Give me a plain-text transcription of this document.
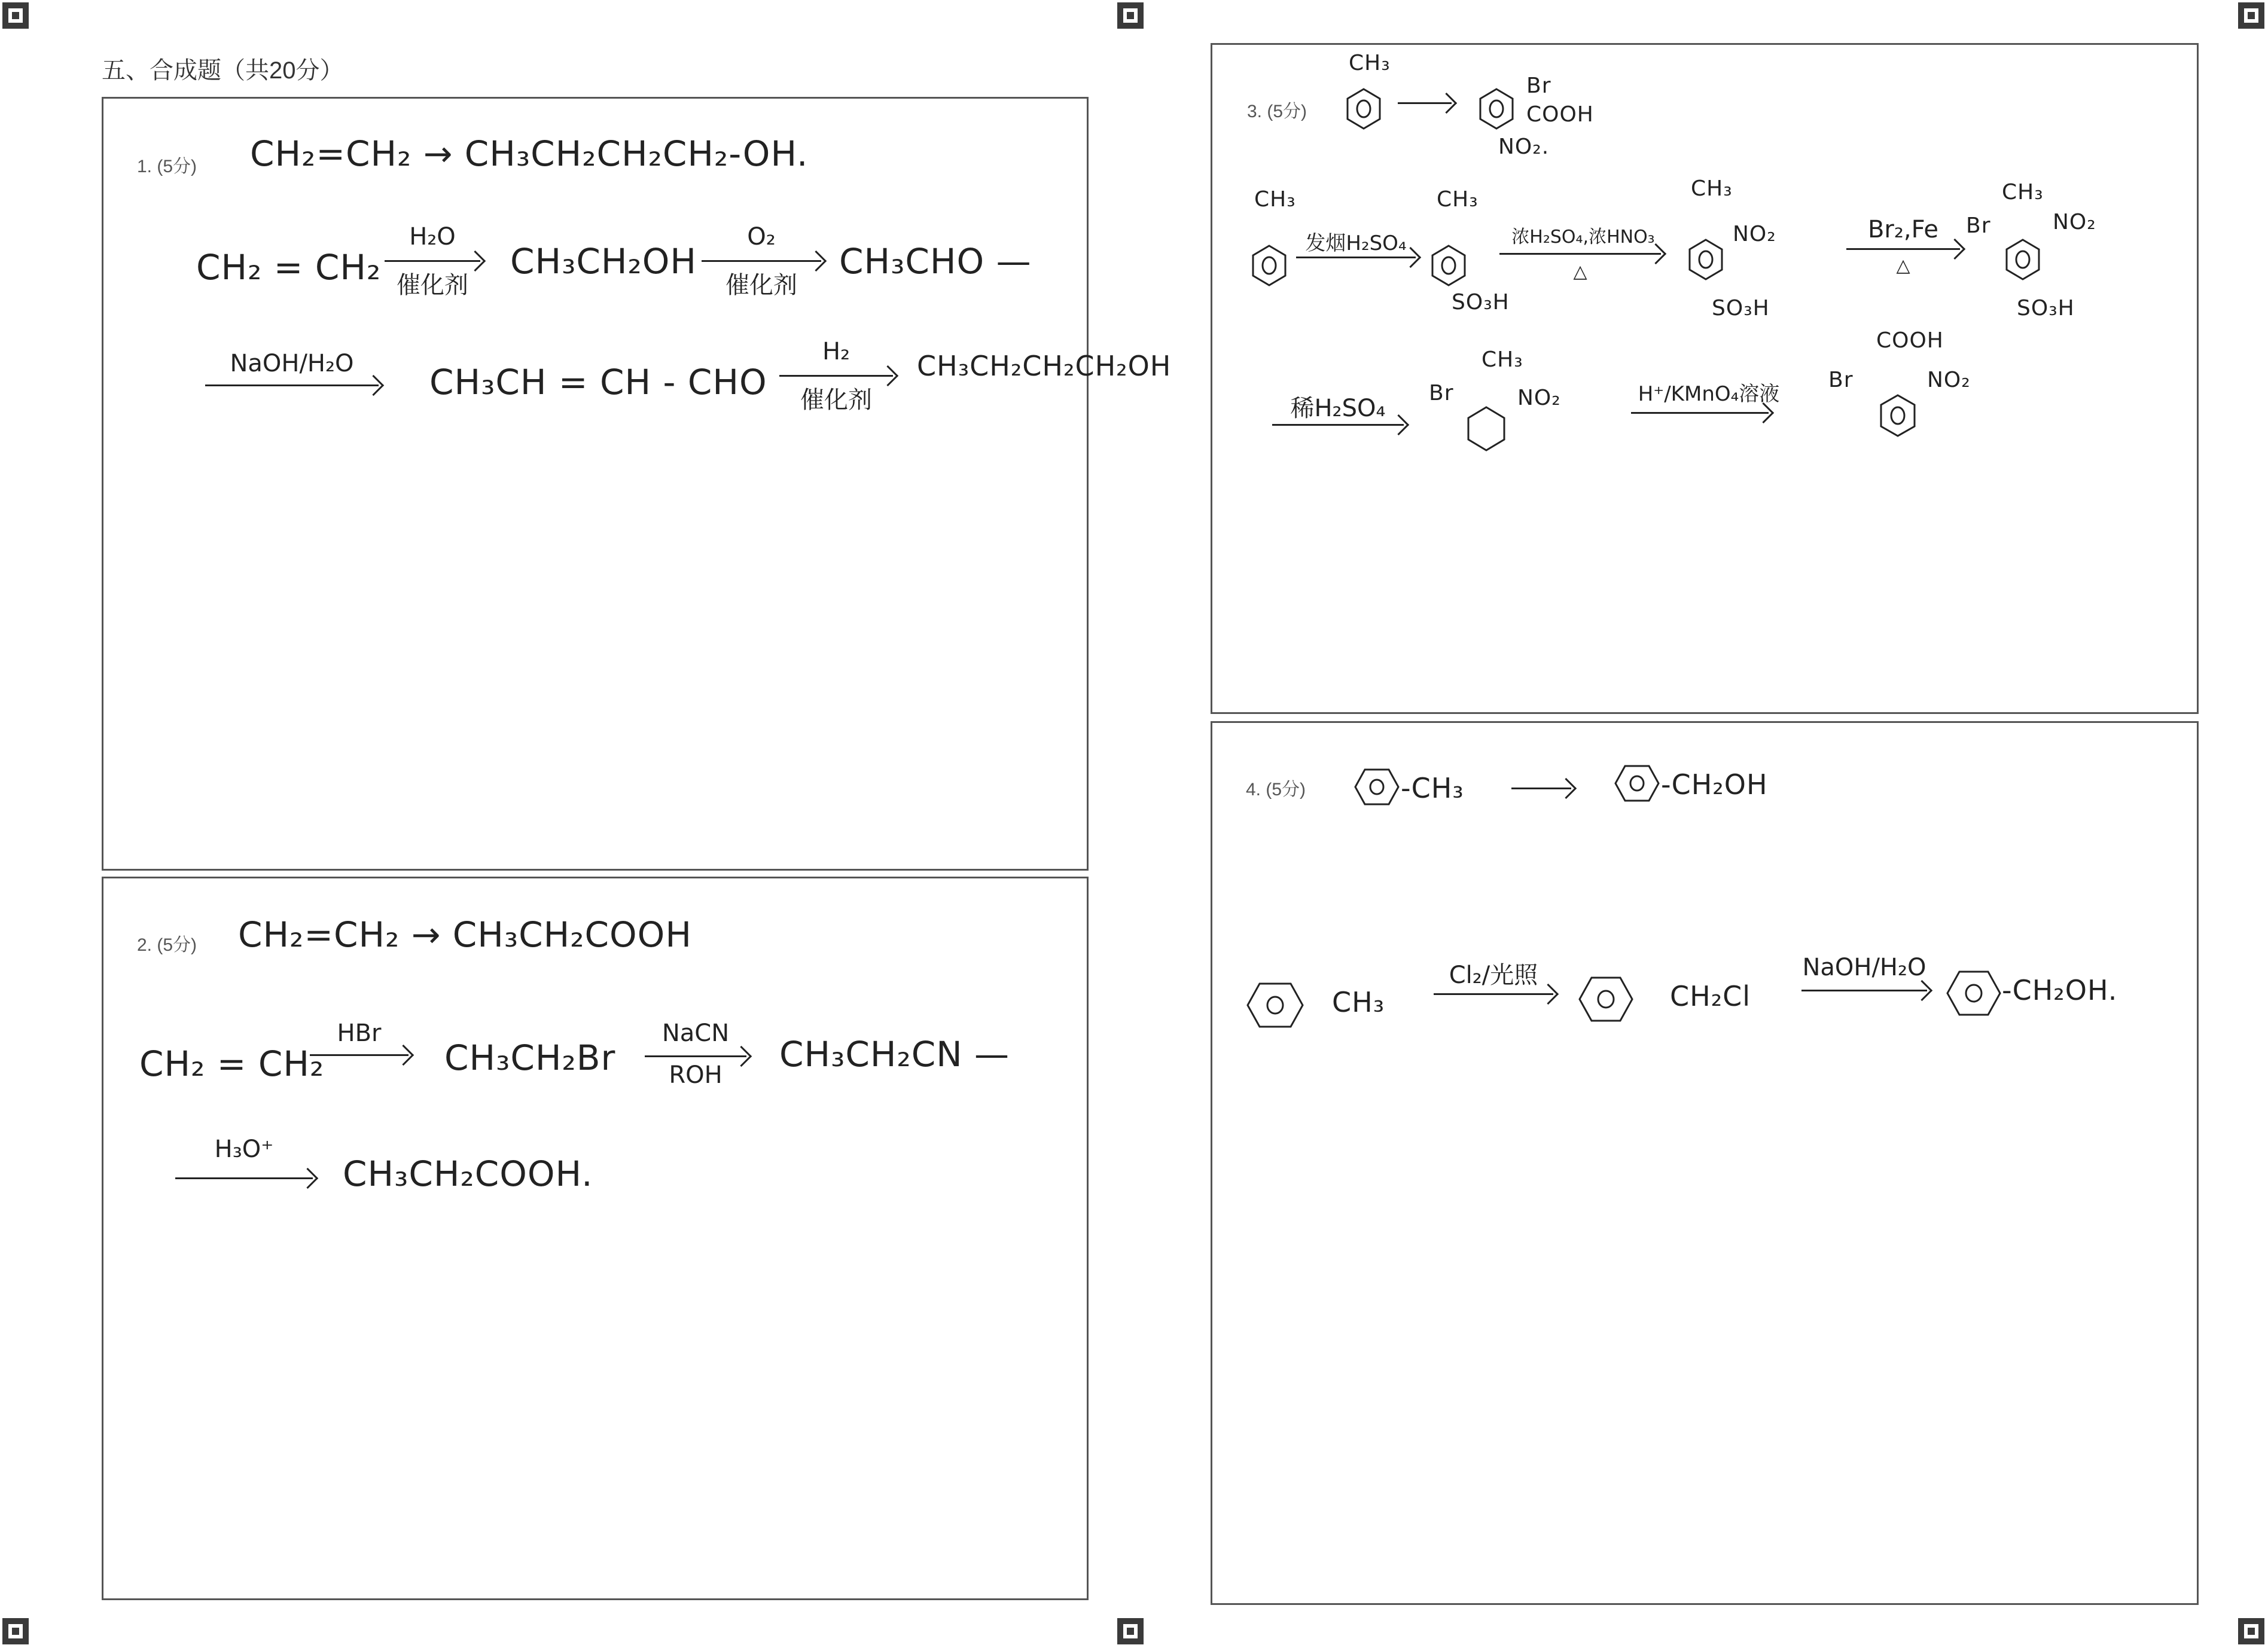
五、合成题（共20分）
1. (5分) CH₂=CH₂ → CH₃CH₂CH₂CH₂-OH.
CH₂ = CH₂
H₂O
催化剂
CH₃CH₂OH
O₂
催化剂
CH₃CHO —
NaOH/H₂O	CH₃CH = CH - CHO
H₂
催化剂
CH₃CH₂CH₂CH₂OH
2. (5分) CH₂=CH₂ → CH₃CH₂COOH
CH₂ = CH₂
HBr
CH₃CH₂Br
NaCN
ROH
CH₃CH₂CN —
H₃O⁺
CH₃CH₂COOH.
3. (5分)
CH₃
Br
COOH
NO₂.
CH₃
发烟H₂SO₄
CH₃
SO₃H
浓H₂SO₄,浓HNO₃
△
CH₃
NO₂
SO₃H
Br₂,Fe
△
Br
CH₃
NO₂
SO₃H
稀H₂SO₄
Br
CH₃
NO₂	H⁺/KMnO₄溶液
Br
COOH
NO₂
4. (5分)	-CH₃	-CH₂OH
CH₃
Cl₂/光照
CH₂Cl
NaOH/H₂O
-CH₂OH.
